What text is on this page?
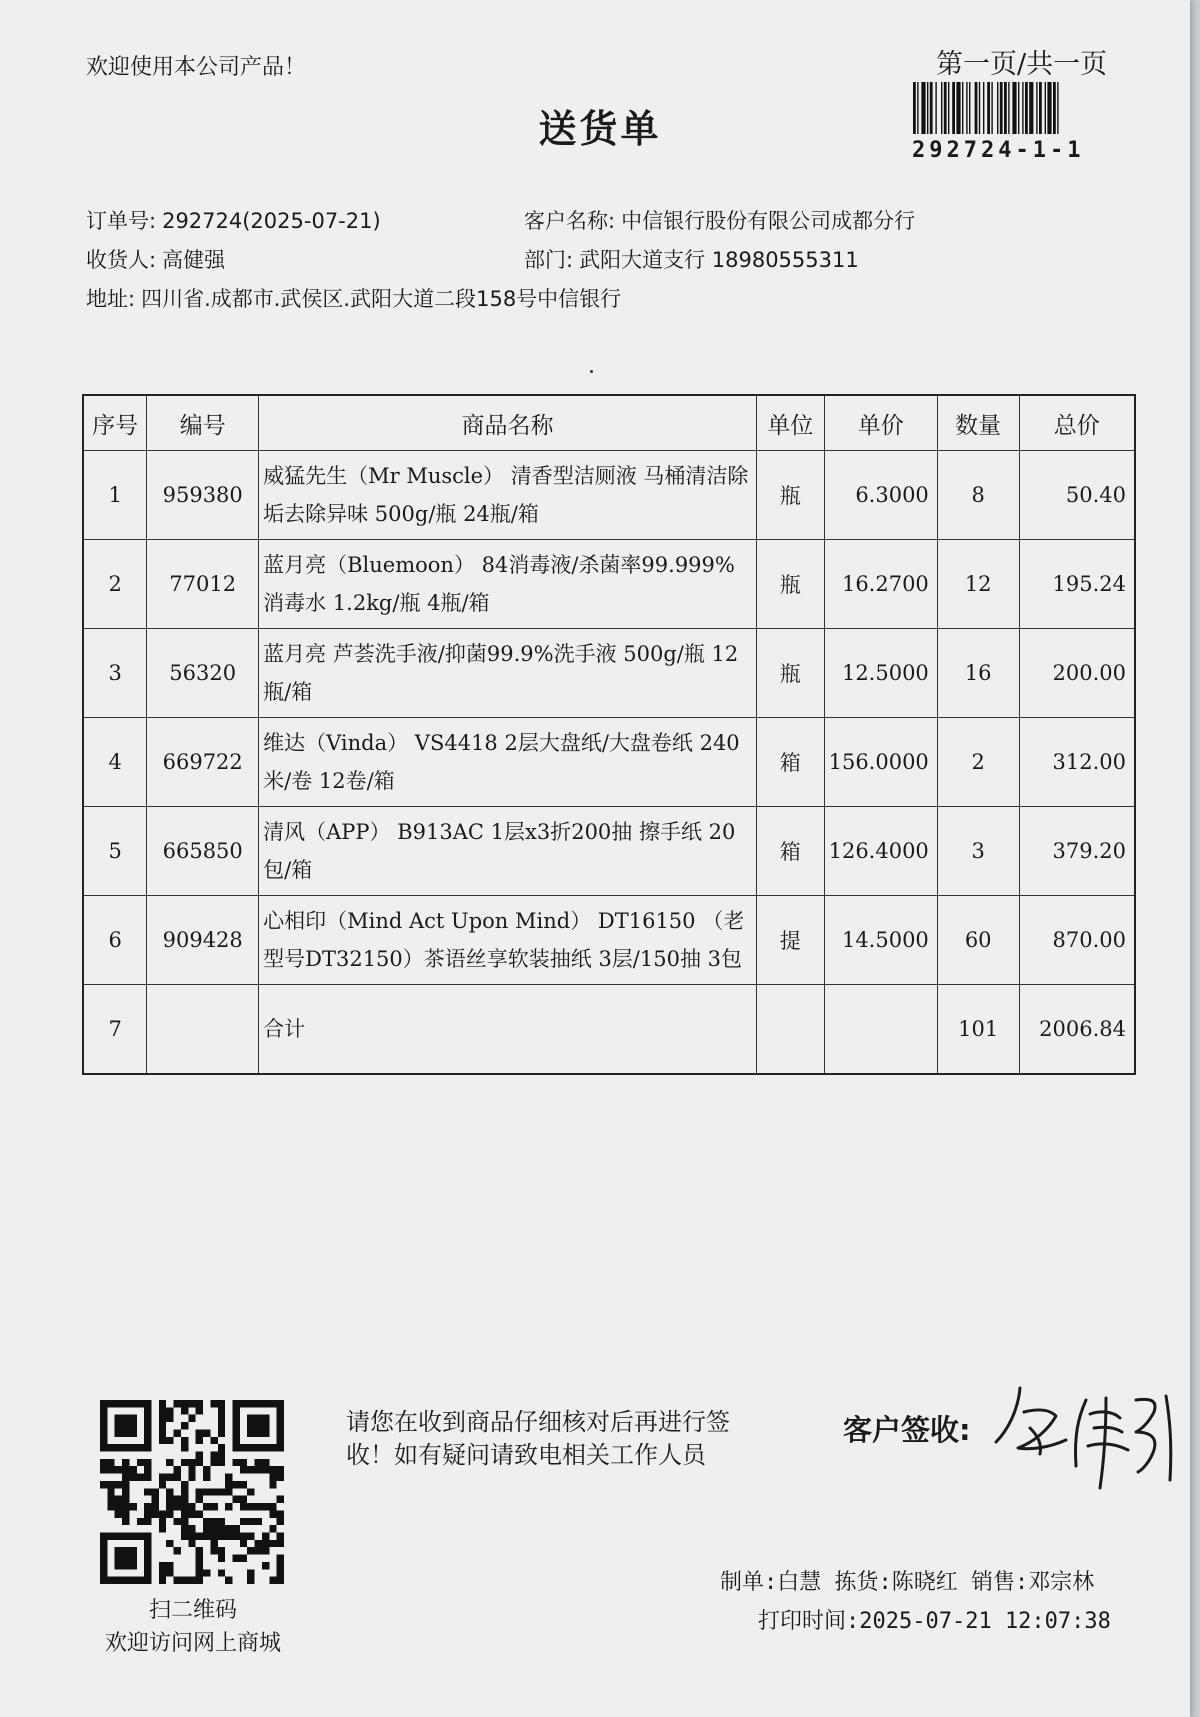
欢迎使用本公司产品！
送货单
第一页/共一页
292724-1-1
订单号: 292724(2025-07-21)	客户名称: 中信银行股份有限公司成都分行
收货人: 高健强	部门: 武阳大道支行 18980555311
地址: 四川省.成都市.武侯区.武阳大道二段158号中信银行
序号	编号	商品名称	单位	单价	数量	总价
1	959380	威猛先生（Mr Muscle） 清香型洁厕液 马桶清洁除垢去除异味 500g/瓶 24瓶/箱	瓶	6.3000	8	50.40
2	77012	蓝月亮（Bluemoon） 84消毒液/杀菌率99.999%消毒水 1.2kg/瓶 4瓶/箱	瓶	16.2700	12	195.24
3	56320	蓝月亮 芦荟洗手液/抑菌99.9%洗手液 500g/瓶 12瓶/箱	瓶	12.5000	16	200.00
4	669722	维达（Vinda） VS4418 2层大盘纸/大盘卷纸 240米/卷 12卷/箱	箱	156.0000	2	312.00
5	665850	清风（APP） B913AC 1层x3折200抽 擦手纸 20包/箱	箱	126.4000	3	379.20
6	909428	心相印（Mind Act Upon Mind） DT16150 （老型号DT32150）茶语丝享软装抽纸 3层/150抽 3包	提	14.5000	60	870.00
7		合计			101	2006.84
扫二维码
欢迎访问网上商城
请您在收到商品仔细核对后再进行签收！如有疑问请致电相关工作人员
客户签收:
制单:白慧 拣货:陈晓红 销售:邓宗林
打印时间:2025-07-21 12:07:38
